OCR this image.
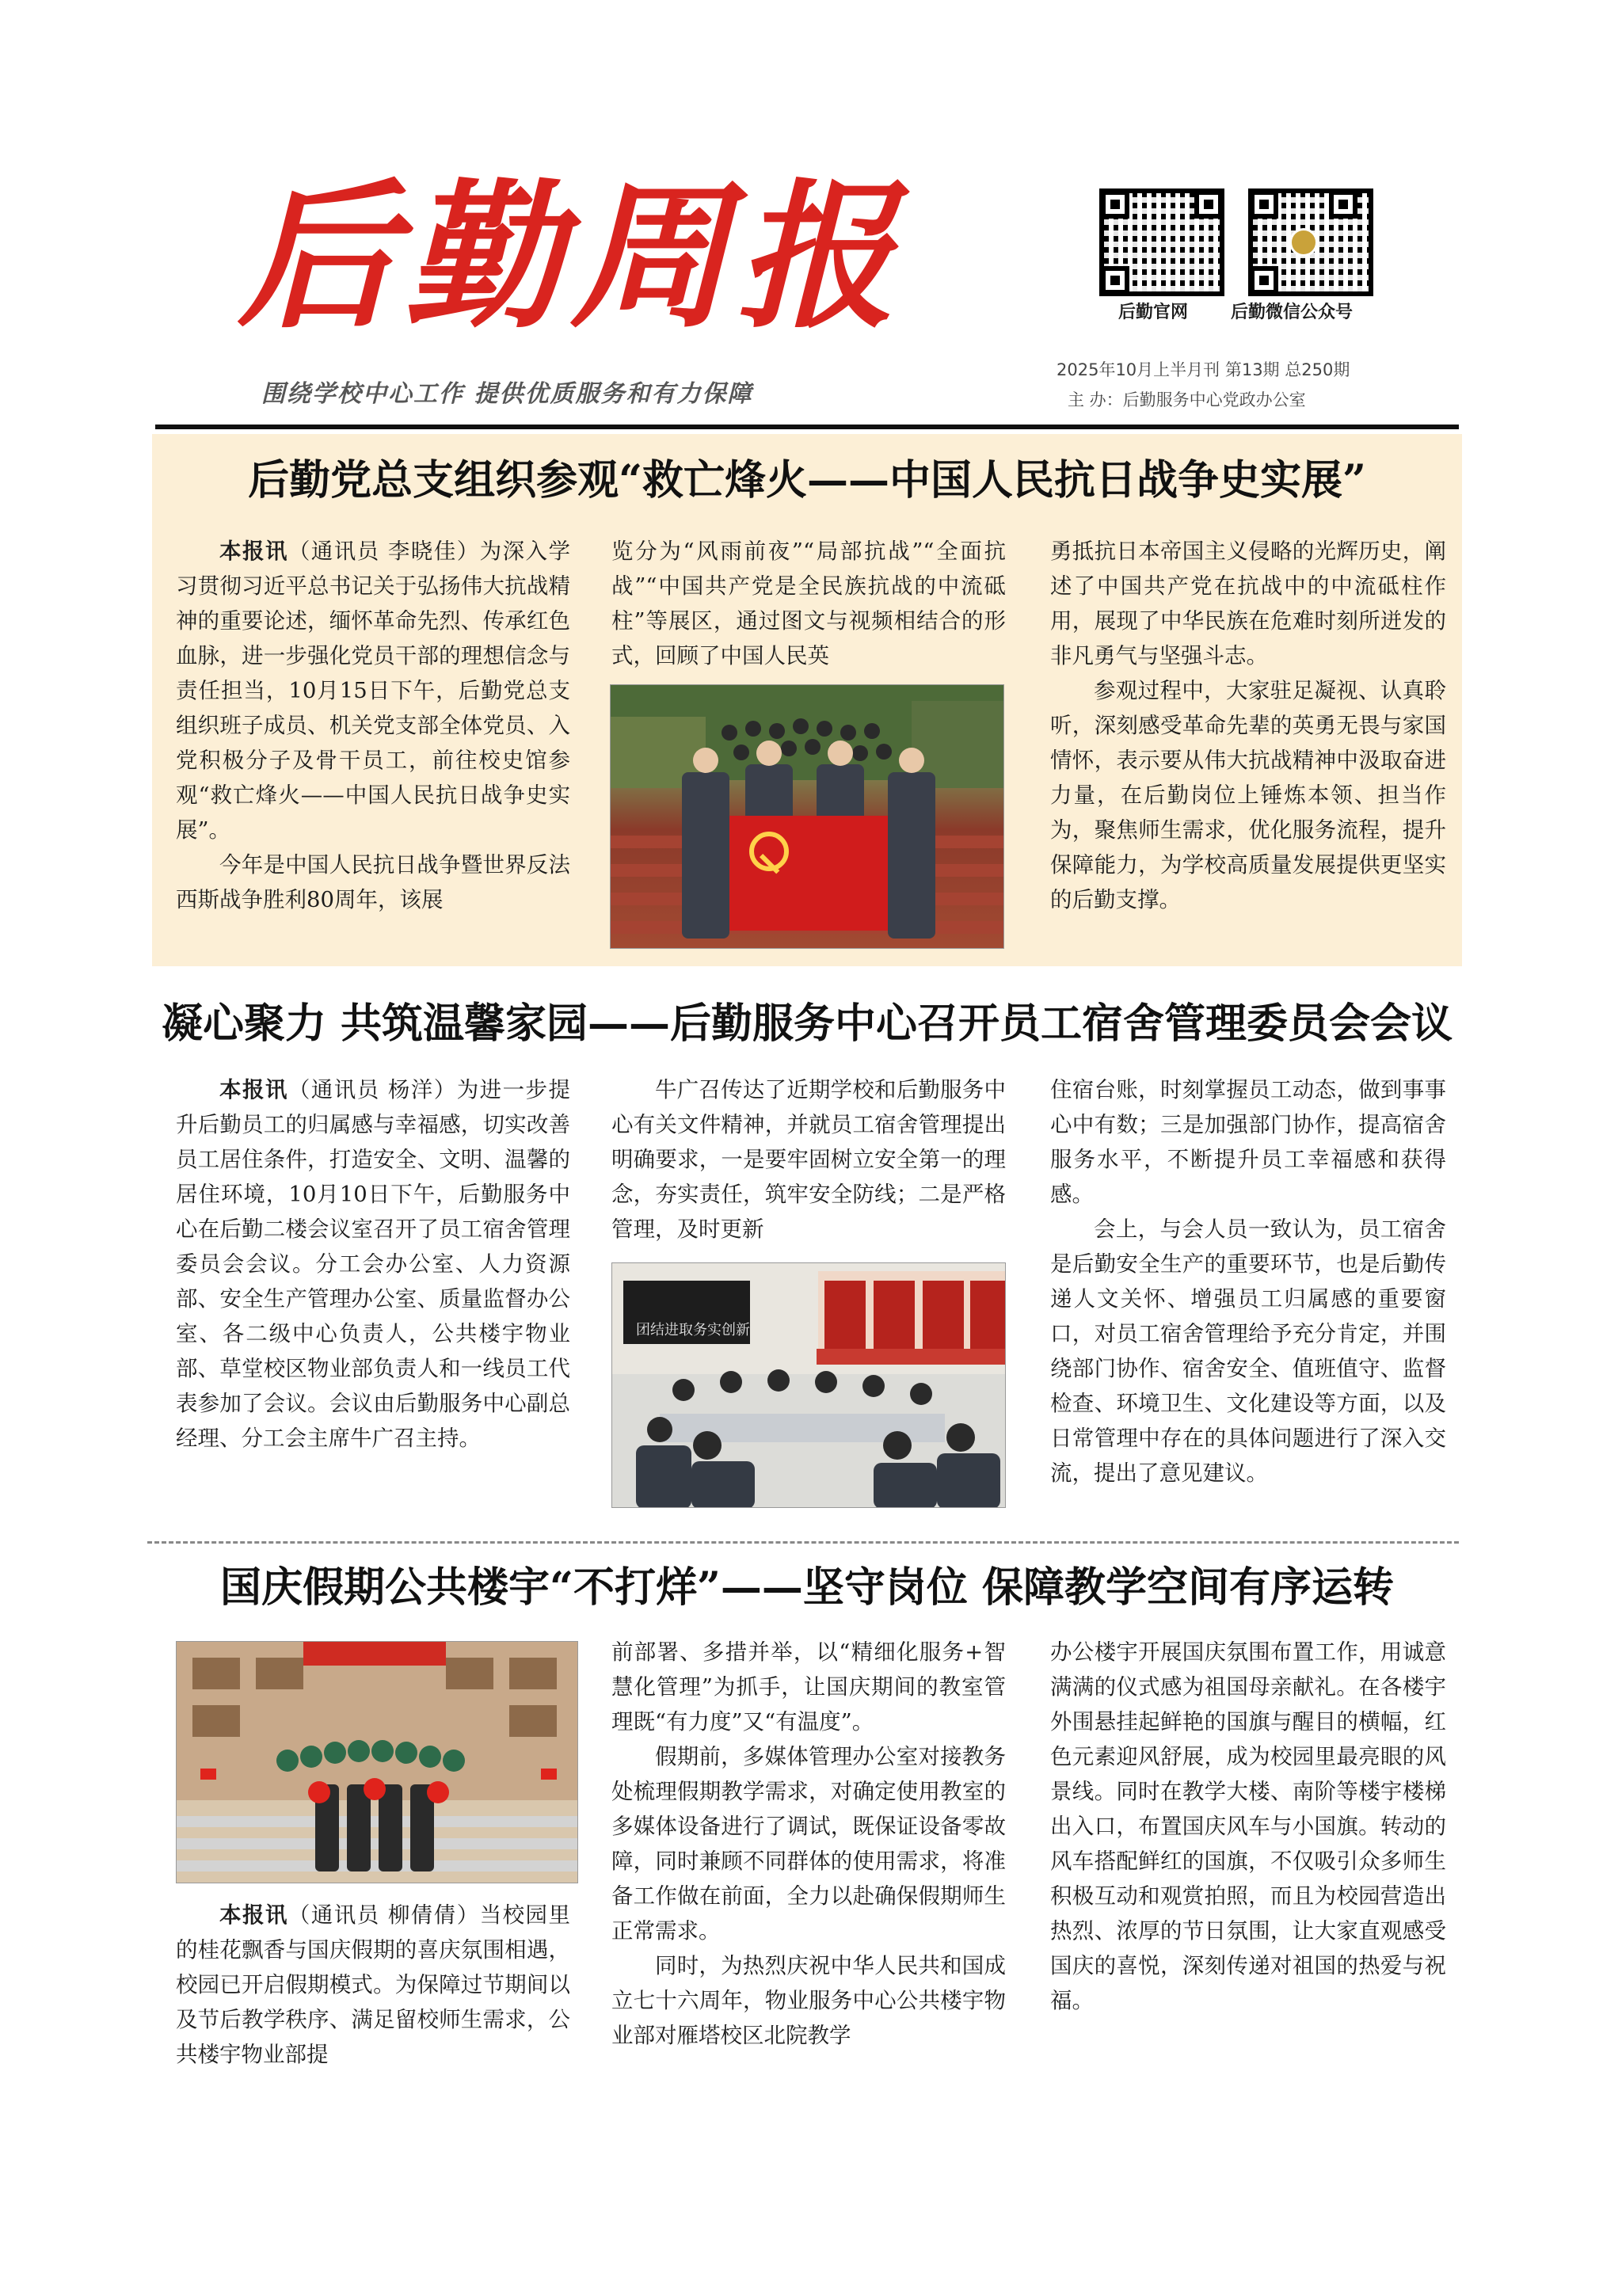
后勤周报
围绕学校中心工作 提供优质服务和有力保障
后勤官网 后勤微信公众号
2025年10月上半月刊 第13期 总250期
主 办：后勤服务中心党政办公室
后勤党总支组织参观“救亡烽火——中国人民抗日战争史实展”

本报讯（通讯员 李晓佳）为深入学习贯彻习近平总书记关于弘扬伟大抗战精神的重要论述，缅怀革命先烈、传承红色血脉，进一步强化党员干部的理想信念与责任担当，10月15日下午，后勤党总支组织班子成员、机关党支部全体党员、入党积极分子及骨干员工，前往校史馆参观“救亡烽火——中国人民抗日战争史实展”。

今年是中国人民抗日战争暨世界反法西斯战争胜利80周年，该展

览分为“风雨前夜”“局部抗战”“全面抗战”“中国共产党是全民族抗战的中流砥柱”等展区，通过图文与视频相结合的形式，回顾了中国人民英

勇抵抗日本帝国主义侵略的光辉历史，阐述了中国共产党在抗战中的中流砥柱作用，展现了中华民族在危难时刻所迸发的非凡勇气与坚强斗志。

参观过程中，大家驻足凝视、认真聆听，深刻感受革命先辈的英勇无畏与家国情怀，表示要从伟大抗战精神中汲取奋进力量，在后勤岗位上锤炼本领、担当作为，聚焦师生需求，优化服务流程，提升保障能力，为学校高质量发展提供更坚实的后勤支撑。

凝心聚力 共筑温馨家园——后勤服务中心召开员工宿舍管理委员会会议

本报讯（通讯员 杨洋）为进一步提升后勤员工的归属感与幸福感，切实改善员工居住条件，打造安全、文明、温馨的居住环境，10月10日下午，后勤服务中心在后勤二楼会议室召开了员工宿舍管理委员会会议。分工会办公室、人力资源部、安全生产管理办公室、质量监督办公室、各二级中心负责人，公共楼宇物业部、草堂校区物业部负责人和一线员工代表参加了会议。会议由后勤服务中心副总经理、分工会主席牛广召主持。

牛广召传达了近期学校和后勤服务中心有关文件精神，并就员工宿舍管理提出明确要求，一是要牢固树立安全第一的理念，夯实责任，筑牢安全防线；二是严格管理，及时更新

团结进取务实创新

住宿台账，时刻掌握员工动态，做到事事心中有数；三是加强部门协作，提高宿舍服务水平，不断提升员工幸福感和获得感。

会上，与会人员一致认为，员工宿舍是后勤安全生产的重要环节，也是后勤传递人文关怀、增强员工归属感的重要窗口，对员工宿舍管理给予充分肯定，并围绕部门协作、宿舍安全、值班值守、监督检查、环境卫生、文化建设等方面，以及日常管理中存在的具体问题进行了深入交流，提出了意见建议。

国庆假期公共楼宇“不打烊”——坚守岗位 保障教学空间有序运转

本报讯（通讯员 柳倩倩）当校园里的桂花飘香与国庆假期的喜庆氛围相遇，校园已开启假期模式。为保障过节期间以及节后教学秩序、满足留校师生需求，公共楼宇物业部提

前部署、多措并举，以“精细化服务+智慧化管理”为抓手，让国庆期间的教室管理既“有力度”又“有温度”。

假期前，多媒体管理办公室对接教务处梳理假期教学需求，对确定使用教室的多媒体设备进行了调试，既保证设备零故障，同时兼顾不同群体的使用需求，将准备工作做在前面，全力以赴确保假期师生正常需求。

同时，为热烈庆祝中华人民共和国成立七十六周年，物业服务中心公共楼宇物业部对雁塔校区北院教学

办公楼宇开展国庆氛围布置工作，用诚意满满的仪式感为祖国母亲献礼。在各楼宇外围悬挂起鲜艳的国旗与醒目的横幅，红色元素迎风舒展，成为校园里最亮眼的风景线。同时在教学大楼、南阶等楼宇楼梯出入口，布置国庆风车与小国旗。转动的风车搭配鲜红的国旗，不仅吸引众多师生积极互动和观赏拍照，而且为校园营造出热烈、浓厚的节日氛围，让大家直观感受国庆的喜悦，深刻传递对祖国的热爱与祝福。
